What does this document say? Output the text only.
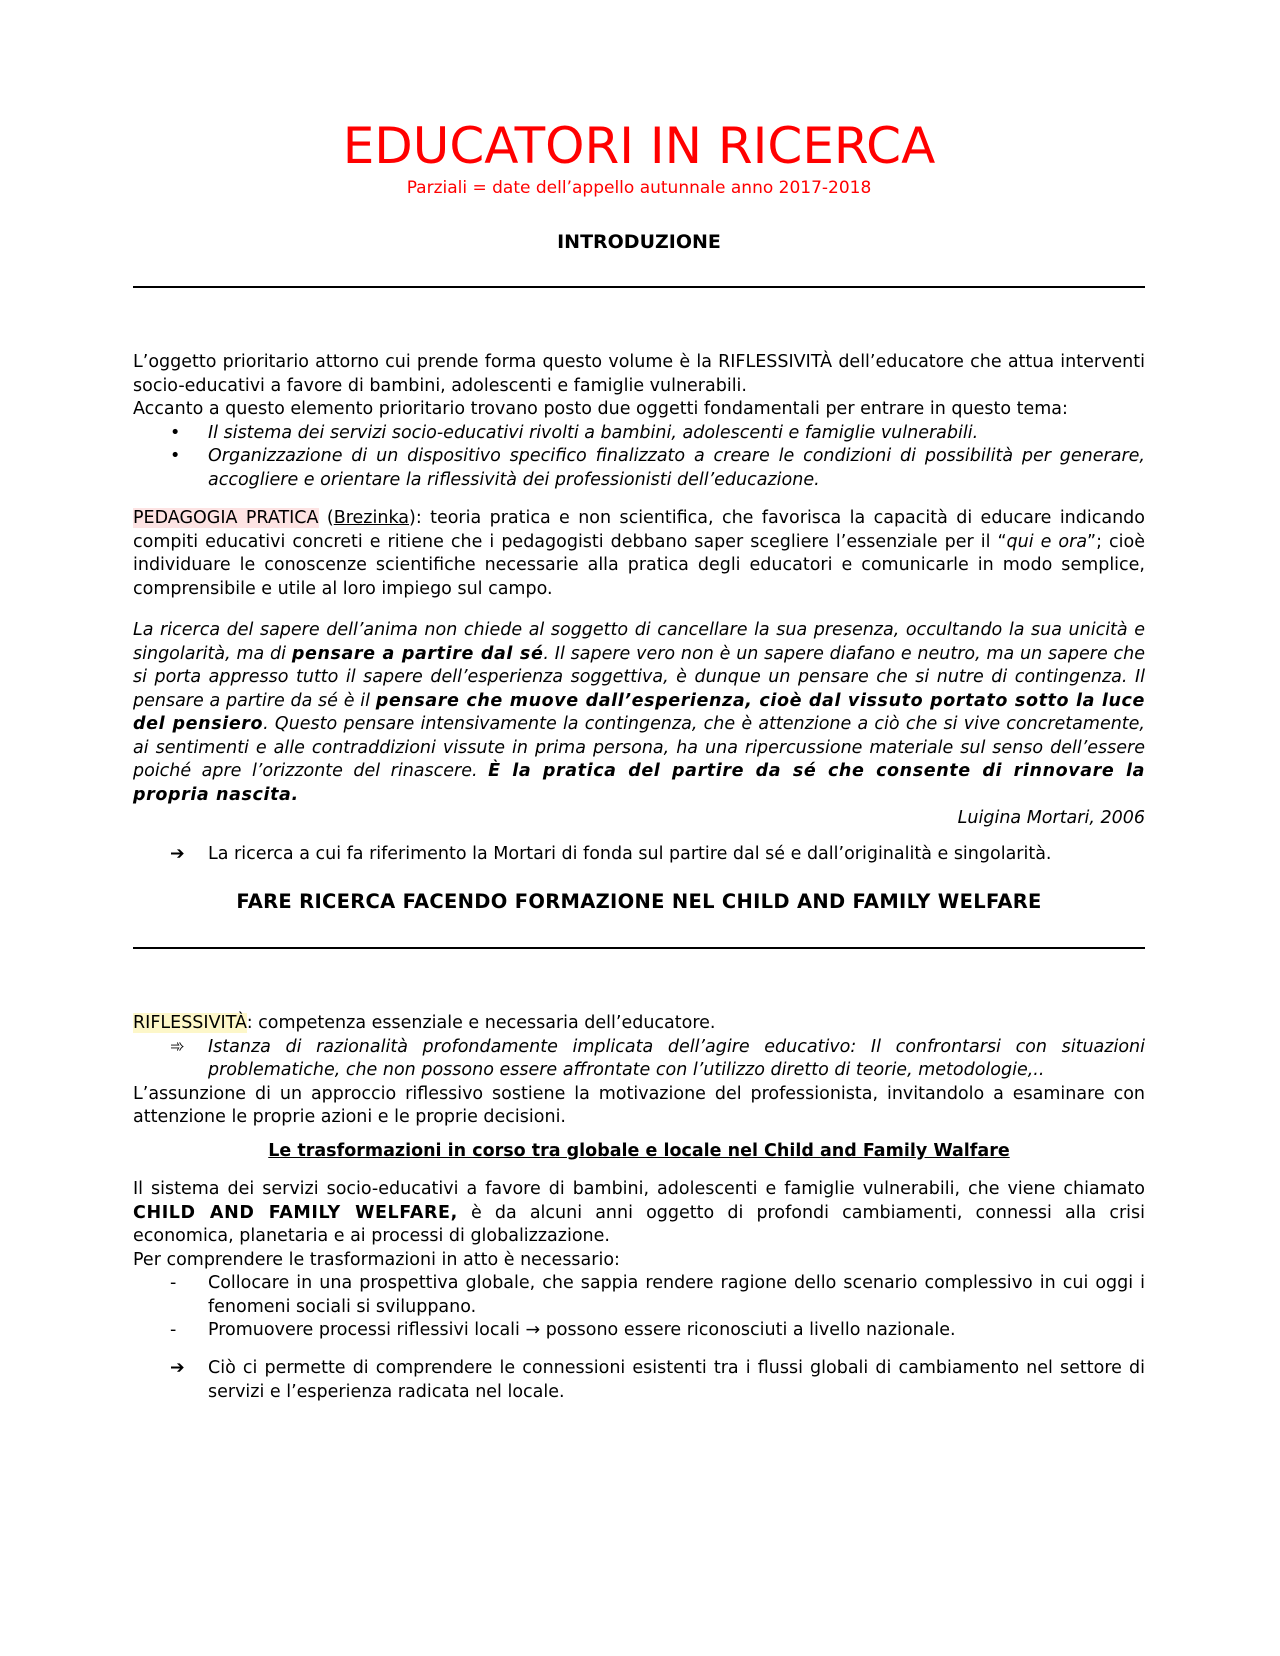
EDUCATORI IN RICERCA
Parziali = date dell’appello autunnale anno 2017-2018
INTRODUZIONE

L’oggetto prioritario attorno cui prende forma questo volume è la RIFLESSIVITÀ dell’educatore che attua interventi socio-educativi a favore di bambini, adolescenti e famiglie vulnerabili.

Accanto a questo elemento prioritario trovano posto due oggetti fondamentali per entrare in questo tema:

• Il sistema dei servizi socio-educativi rivolti a bambini, adolescenti e famiglie vulnerabili.
• Organizzazione di un dispositivo specifico finalizzato a creare le condizioni di possibilità per generare, accogliere e orientare la riflessività dei professionisti dell’educazione.

PEDAGOGIA PRATICA (Brezinka): teoria pratica e non scientifica, che favorisca la capacità di educare indicando compiti educativi concreti e ritiene che i pedagogisti debbano saper scegliere l’essenziale per il “qui e ora”; cioè individuare le conoscenze scientifiche necessarie alla pratica degli educatori e comunicarle in modo semplice, comprensibile e utile al loro impiego sul campo.

La ricerca del sapere dell’anima non chiede al soggetto di cancellare la sua presenza, occultando la sua unicità e singolarità, ma di pensare a partire dal sé. Il sapere vero non è un sapere diafano e neutro, ma un sapere che si porta appresso tutto il sapere dell’esperienza soggettiva, è dunque un pensare che si nutre di contingenza. Il pensare a partire da sé è il pensare che muove dall’esperienza, cioè dal vissuto portato sotto la luce del pensiero. Questo pensare intensivamente la contingenza, che è attenzione a ciò che si vive concretamente, ai sentimenti e alle contraddizioni vissute in prima persona, ha una ripercussione materiale sul senso dell’essere poiché apre l’orizzonte del rinascere. È la pratica del partire da sé che consente di rinnovare la propria nascita.

Luigina Mortari, 2006

➔	La ricerca a cui fa riferimento la Mortari di fonda sul partire dal sé e dall’originalità e singolarità.
FARE RICERCA FACENDO FORMAZIONE NEL CHILD AND FAMILY WELFARE

RIFLESSIVITÀ: competenza essenziale e necessaria dell’educatore.

➾ Istanza di razionalità profondamente implicata dell’agire educativo: Il confrontarsi con situazioni problematiche, che non possono essere affrontate con l’utilizzo diretto di teorie, metodologie,..

L’assunzione di un approccio riflessivo sostiene la motivazione del professionista, invitandolo a esaminare con attenzione le proprie azioni e le proprie decisioni.

Le trasformazioni in corso tra globale e locale nel Child and Family Walfare

Il sistema dei servizi socio-educativi a favore di bambini, adolescenti e famiglie vulnerabili, che viene chiamato CHILD AND FAMILY WELFARE, è da alcuni anni oggetto di profondi cambiamenti, connessi alla crisi economica, planetaria e ai processi di globalizzazione.

Per comprendere le trasformazioni in atto è necessario:

- Collocare in una prospettiva globale, che sappia rendere ragione dello scenario complessivo in cui oggi i fenomeni sociali si sviluppano.
- Promuovere processi riflessivi locali → possono essere riconosciuti a livello nazionale.
➔	Ciò ci permette di comprendere le connessioni esistenti tra i flussi globali di cambiamento nel settore di servizi e l’esperienza radicata nel locale.
